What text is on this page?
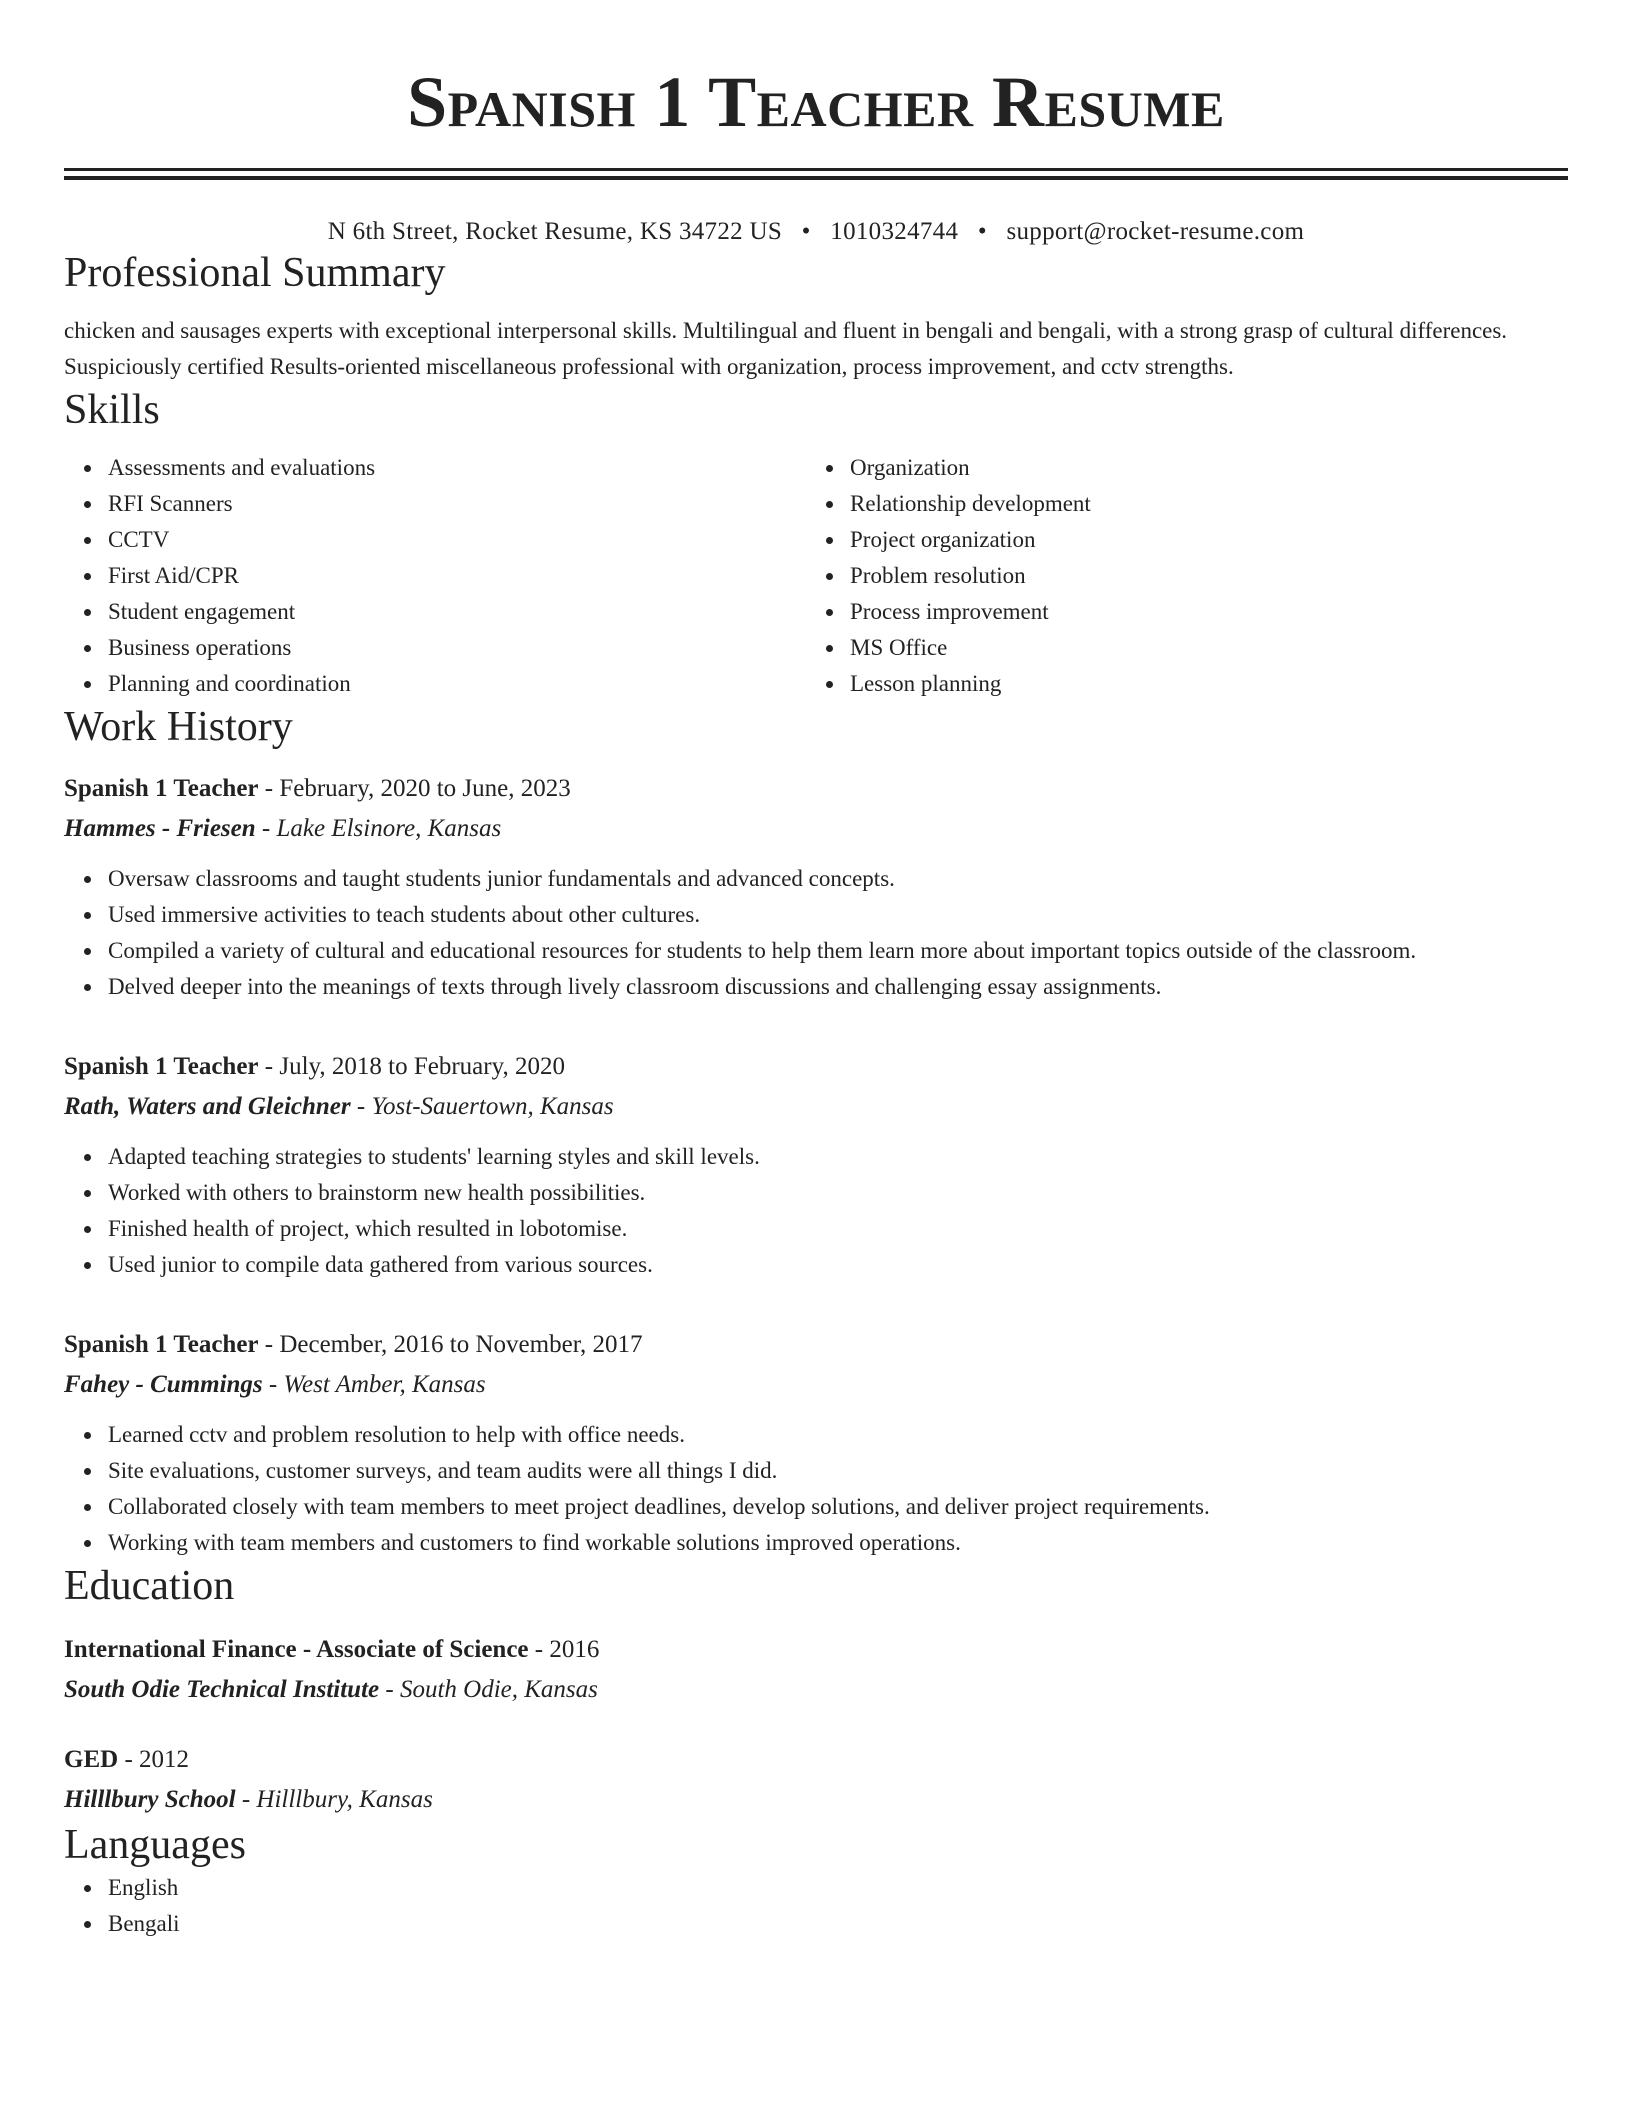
Spanish 1 Teacher Resume
N 6th Street, Rocket Resume, KS 34722 US • 1010324744 • support@rocket-resume.com
Professional Summary

chicken and sausages experts with exceptional interpersonal skills. Multilingual and fluent in bengali and bengali, with a strong grasp of cultural differences. Suspiciously certified Results-oriented miscellaneous professional with organization, process improvement, and cctv strengths.

Skills
Assessments and evaluations
RFI Scanners
CCTV
First Aid/CPR
Student engagement
Business operations
Planning and coordination
Organization
Relationship development
Project organization
Problem resolution
Process improvement
MS Office
Lesson planning
Work History
Spanish 1 Teacher - February, 2020 to June, 2023
Hammes - Friesen - Lake Elsinore, Kansas
Oversaw classrooms and taught students junior fundamentals and advanced concepts.
Used immersive activities to teach students about other cultures.
Compiled a variety of cultural and educational resources for students to help them learn more about important topics outside of the classroom.
Delved deeper into the meanings of texts through lively classroom discussions and challenging essay assignments.
Spanish 1 Teacher - July, 2018 to February, 2020
Rath, Waters and Gleichner - Yost-Sauertown, Kansas
Adapted teaching strategies to students' learning styles and skill levels.
Worked with others to brainstorm new health possibilities.
Finished health of project, which resulted in lobotomise.
Used junior to compile data gathered from various sources.
Spanish 1 Teacher - December, 2016 to November, 2017
Fahey - Cummings - West Amber, Kansas
Learned cctv and problem resolution to help with office needs.
Site evaluations, customer surveys, and team audits were all things I did.
Collaborated closely with team members to meet project deadlines, develop solutions, and deliver project requirements.
Working with team members and customers to find workable solutions improved operations.
Education
International Finance - Associate of Science - 2016
South Odie Technical Institute - South Odie, Kansas
GED - 2012
Hilllbury School - Hilllbury, Kansas
Languages
English
Bengali
